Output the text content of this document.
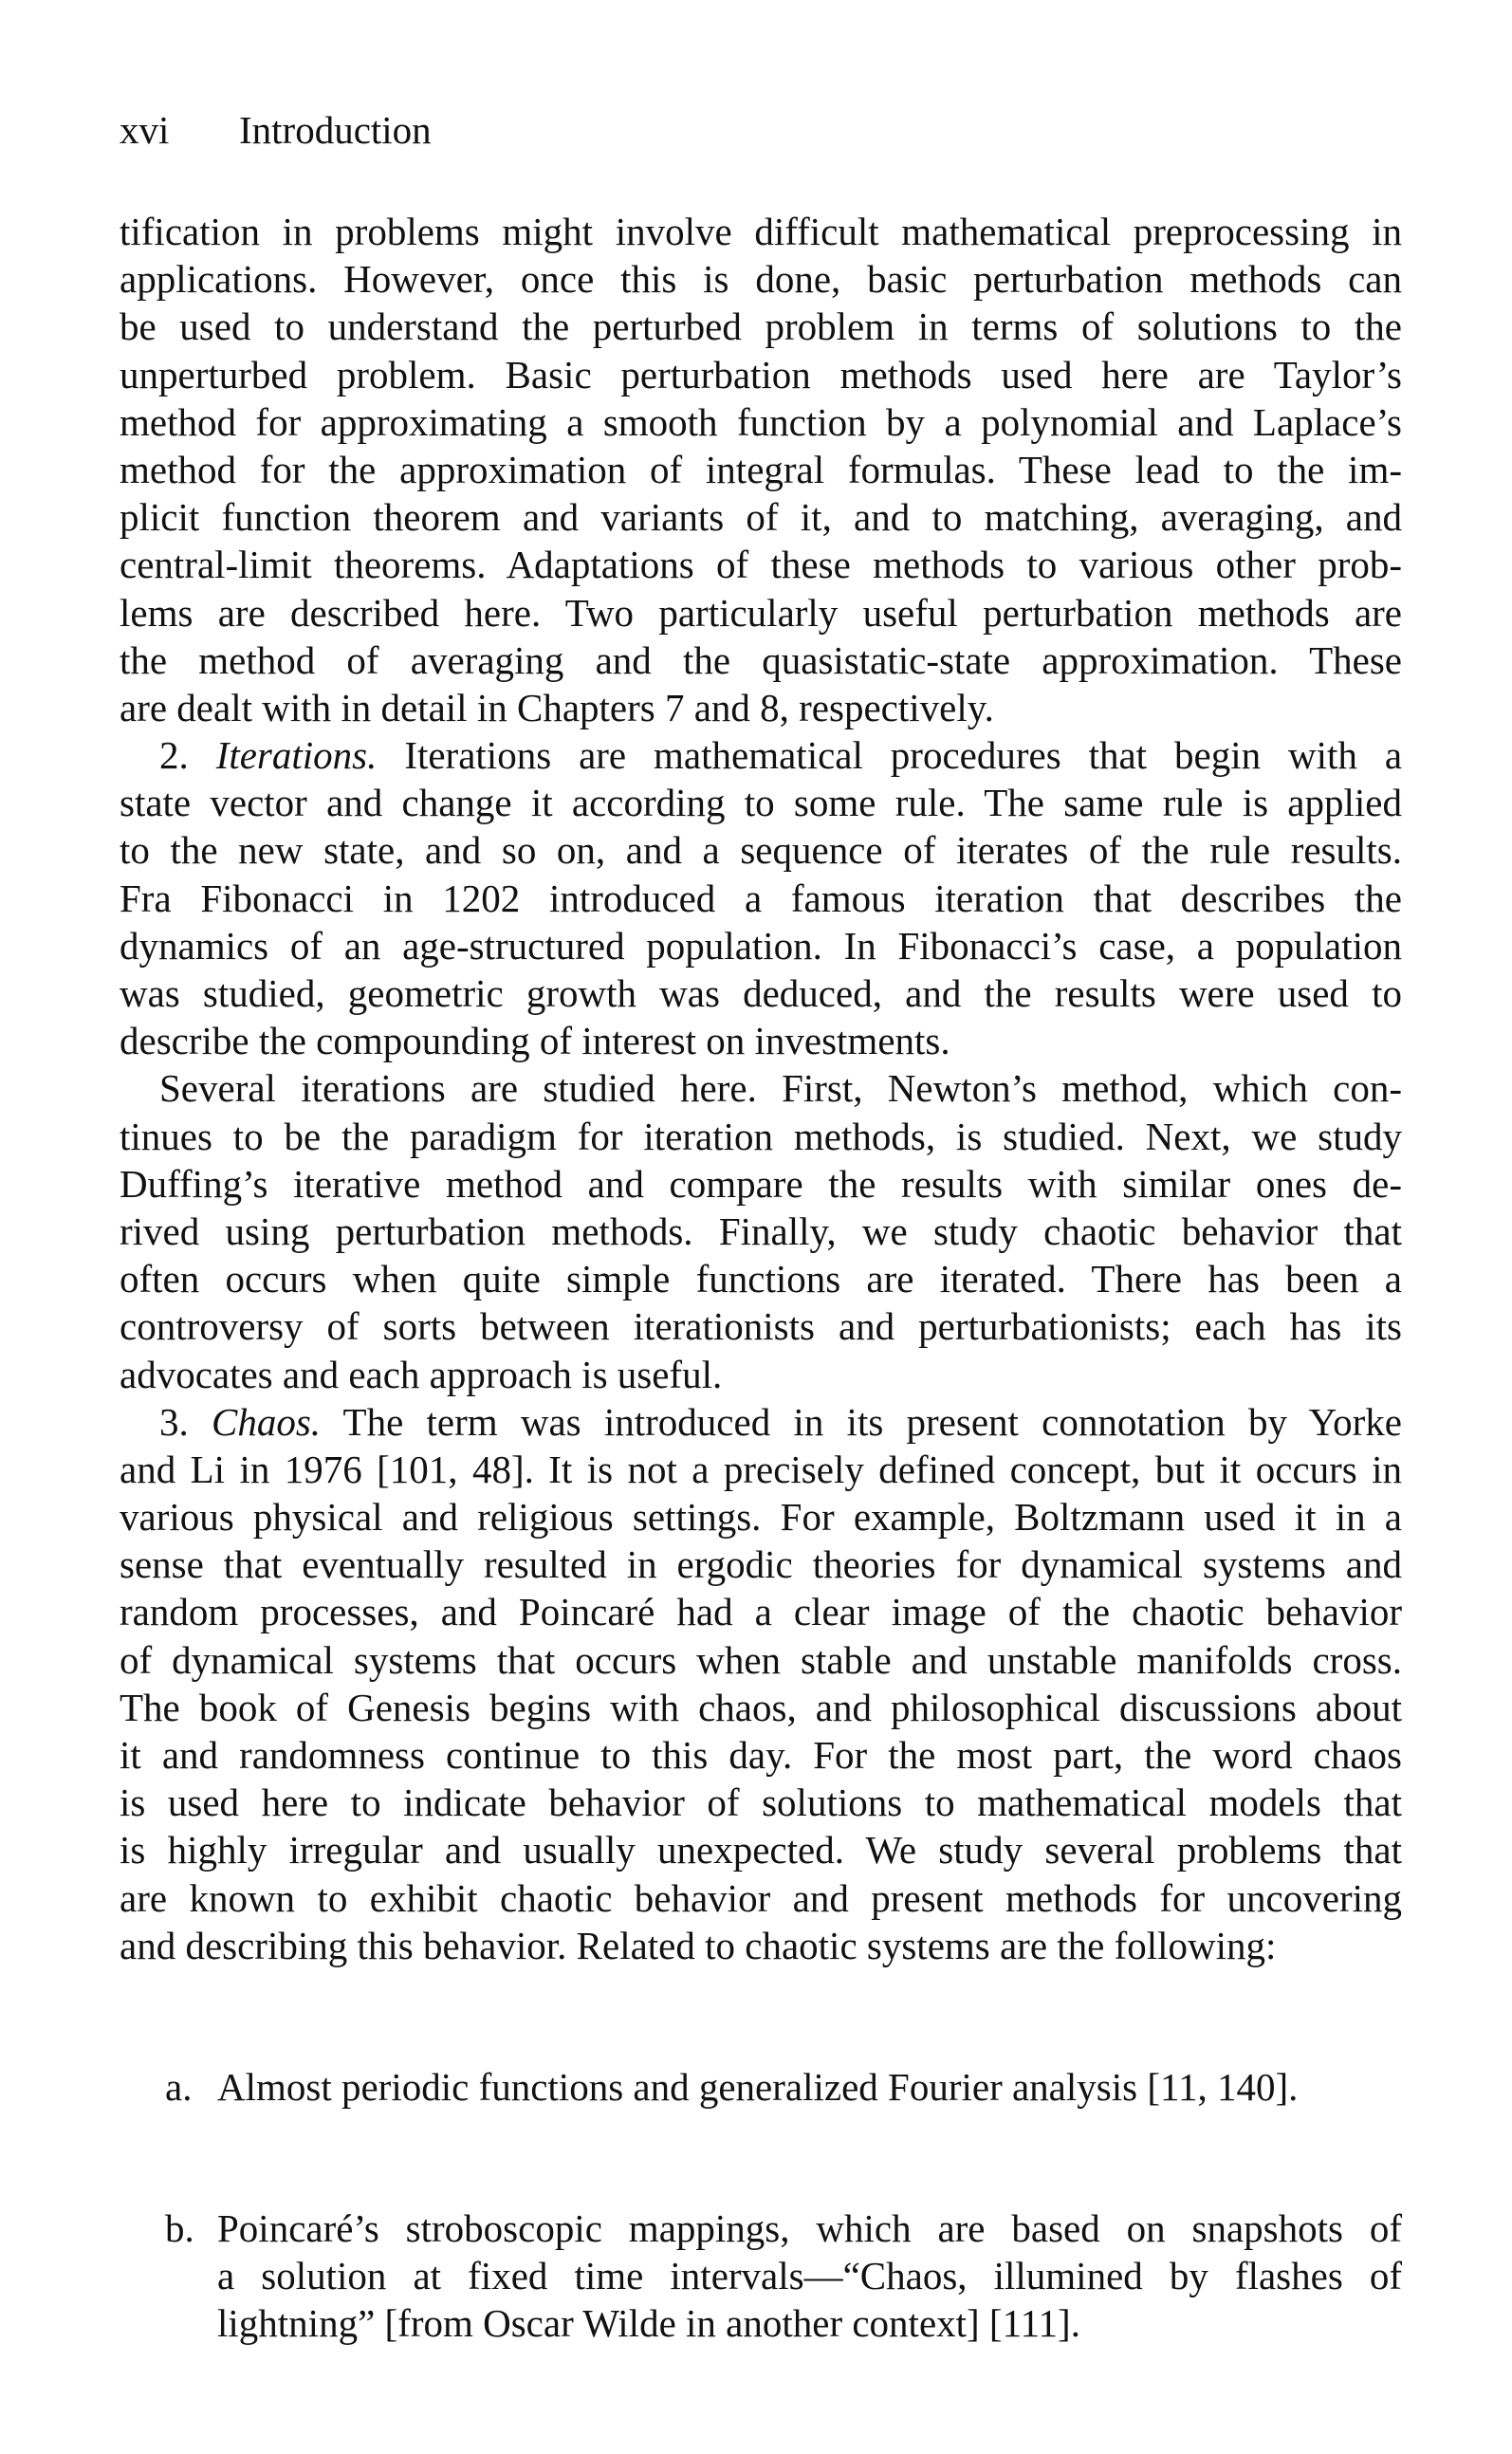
xvi Introduction
tification in problems might involve difficult mathematical preprocessing in
applications. However, once this is done, basic perturbation methods can
be used to understand the perturbed problem in terms of solutions to the
unperturbed problem. Basic perturbation methods used here are Taylor’s
method for approximating a smooth function by a polynomial and Laplace’s
method for the approximation of integral formulas. These lead to the im-
plicit function theorem and variants of it, and to matching, averaging, and
central-limit theorems. Adaptations of these methods to various other prob-
lems are described here. Two particularly useful perturbation methods are
the method of averaging and the quasistatic-state approximation. These
are dealt with in detail in Chapters 7 and 8, respectively.
2. Iterations. Iterations are mathematical procedures that begin with a
state vector and change it according to some rule. The same rule is applied
to the new state, and so on, and a sequence of iterates of the rule results.
Fra Fibonacci in 1202 introduced a famous iteration that describes the
dynamics of an age-structured population. In Fibonacci’s case, a population
was studied, geometric growth was deduced, and the results were used to
describe the compounding of interest on investments.
Several iterations are studied here. First, Newton’s method, which con-
tinues to be the paradigm for iteration methods, is studied. Next, we study
Duffing’s iterative method and compare the results with similar ones de-
rived using perturbation methods. Finally, we study chaotic behavior that
often occurs when quite simple functions are iterated. There has been a
controversy of sorts between iterationists and perturbationists; each has its
advocates and each approach is useful.
3. Chaos. The term was introduced in its present connotation by Yorke
and Li in 1976 [101, 48]. It is not a precisely defined concept, but it occurs in
various physical and religious settings. For example, Boltzmann used it in a
sense that eventually resulted in ergodic theories for dynamical systems and
random processes, and Poincaré had a clear image of the chaotic behavior
of dynamical systems that occurs when stable and unstable manifolds cross.
The book of Genesis begins with chaos, and philosophical discussions about
it and randomness continue to this day. For the most part, the word chaos
is used here to indicate behavior of solutions to mathematical models that
is highly irregular and usually unexpected. We study several problems that
are known to exhibit chaotic behavior and present methods for uncovering
and describing this behavior. Related to chaotic systems are the following:
a. Almost periodic functions and generalized Fourier analysis [11, 140].
b. Poincaré’s stroboscopic mappings, which are based on snapshots of
a solution at fixed time intervals—“Chaos, illumined by flashes of
lightning” [from Oscar Wilde in another context] [111].
